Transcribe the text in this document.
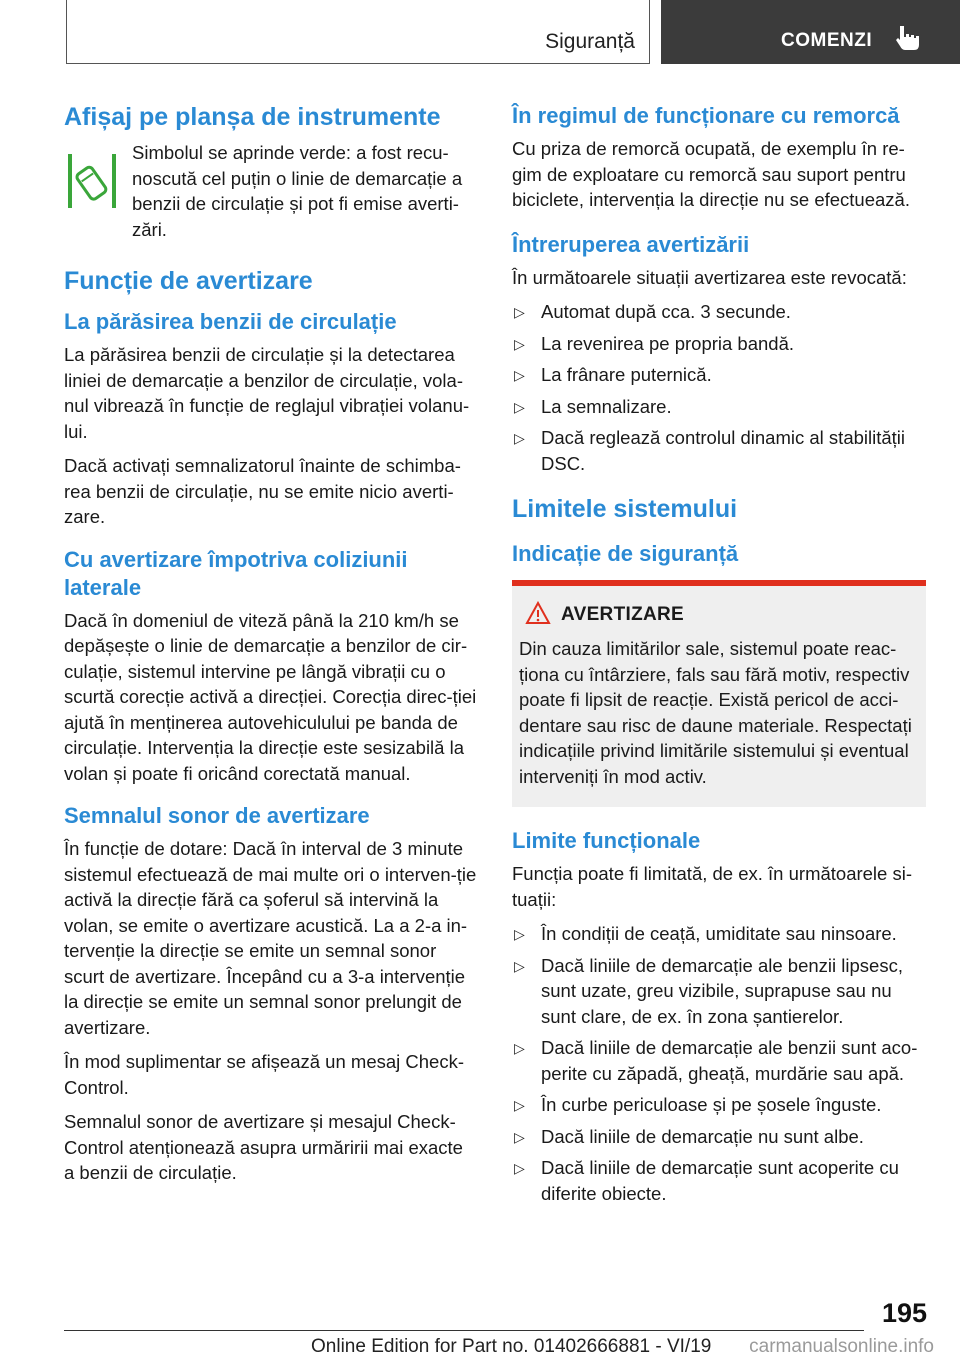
Siguranță	COMENZI
Afișaj pe planșa de instrumente

Simbolul se aprinde verde: a fost recu-noscută cel puțin o linie de demarcație a benzii de circulație și pot fi emise averti-zări.

Funcție de avertizare
La părăsirea benzii de circulație

La părăsirea benzii de circulație și la detectarea liniei de demarcație a benzilor de circulație, vola-nul vibrează în funcție de reglajul vibrației volanu-lui.

Dacă activați semnalizatorul înainte de schimba-rea benzii de circulație, nu se emite nicio averti-zare.

Cu avertizare împotriva coliziunii laterale

Dacă în domeniul de viteză până la 210 km/h se depășește o linie de demarcație a benzilor de cir-culație, sistemul intervine pe lângă vibrații cu o scurtă corecție activă a direcției. Corecția direc-ției ajută în menținerea autovehiculului pe banda de circulație. Intervenția la direcție este sesizabilă la volan și poate fi oricând corectată manual.

Semnalul sonor de avertizare

În funcție de dotare: Dacă în interval de 3 minute sistemul efectuează de mai multe ori o interven-ție activă la direcție fără ca șoferul să intervină la volan, se emite o avertizare acustică. La a 2-a in-tervenție la direcție se emite un semnal sonor scurt de avertizare. Începând cu a 3-a intervenție la direcție se emite un semnal sonor prelungit de avertizare.

În mod suplimentar se afișează un mesaj Check-Control.

Semnalul sonor de avertizare și mesajul Check-Control atenționează asupra urmăririi mai exacte a benzii de circulație.

În regimul de funcționare cu remorcă

Cu priza de remorcă ocupată, de exemplu în re-gim de exploatare cu remorcă sau suport pentru biciclete, intervenția la direcție nu se efectuează.

Întreruperea avertizării

În următoarele situații avertizarea este revocată:

▷ Automat după cca. 3 secunde.
▷ La revenirea pe propria bandă.
▷ La frânare puternică.
▷ La semnalizare.
▷ Dacă reglează controlul dinamic al stabilității DSC.
Limitele sistemului
Indicație de siguranță
AVERTIZARE

Din cauza limitărilor sale, sistemul poate reac-ționa cu întârziere, fals sau fără motiv, respectiv poate fi lipsit de reacție. Există pericol de acci-dentare sau risc de daune materiale. Respectați indicațiile privind limitările sistemului și eventual interveniți în mod activ.

Limite funcționale

Funcția poate fi limitată, de ex. în următoarele si-tuații:

▷ În condiții de ceață, umiditate sau ninsoare.
▷ Dacă liniile de demarcație ale benzii lipsesc, sunt uzate, greu vizibile, suprapuse sau nu sunt clare, de ex. în zona șantierelor.
▷ Dacă liniile de demarcație ale benzii sunt aco-perite cu zăpadă, gheață, murdărie sau apă.
▷ În curbe periculoase și pe șosele înguste.
▷ Dacă liniile de demarcație nu sunt albe.
▷ Dacă liniile de demarcație sunt acoperite cu diferite obiecte.
195
Online Edition for Part no. 01402666881 - VI/19 carmanualsonline.info
